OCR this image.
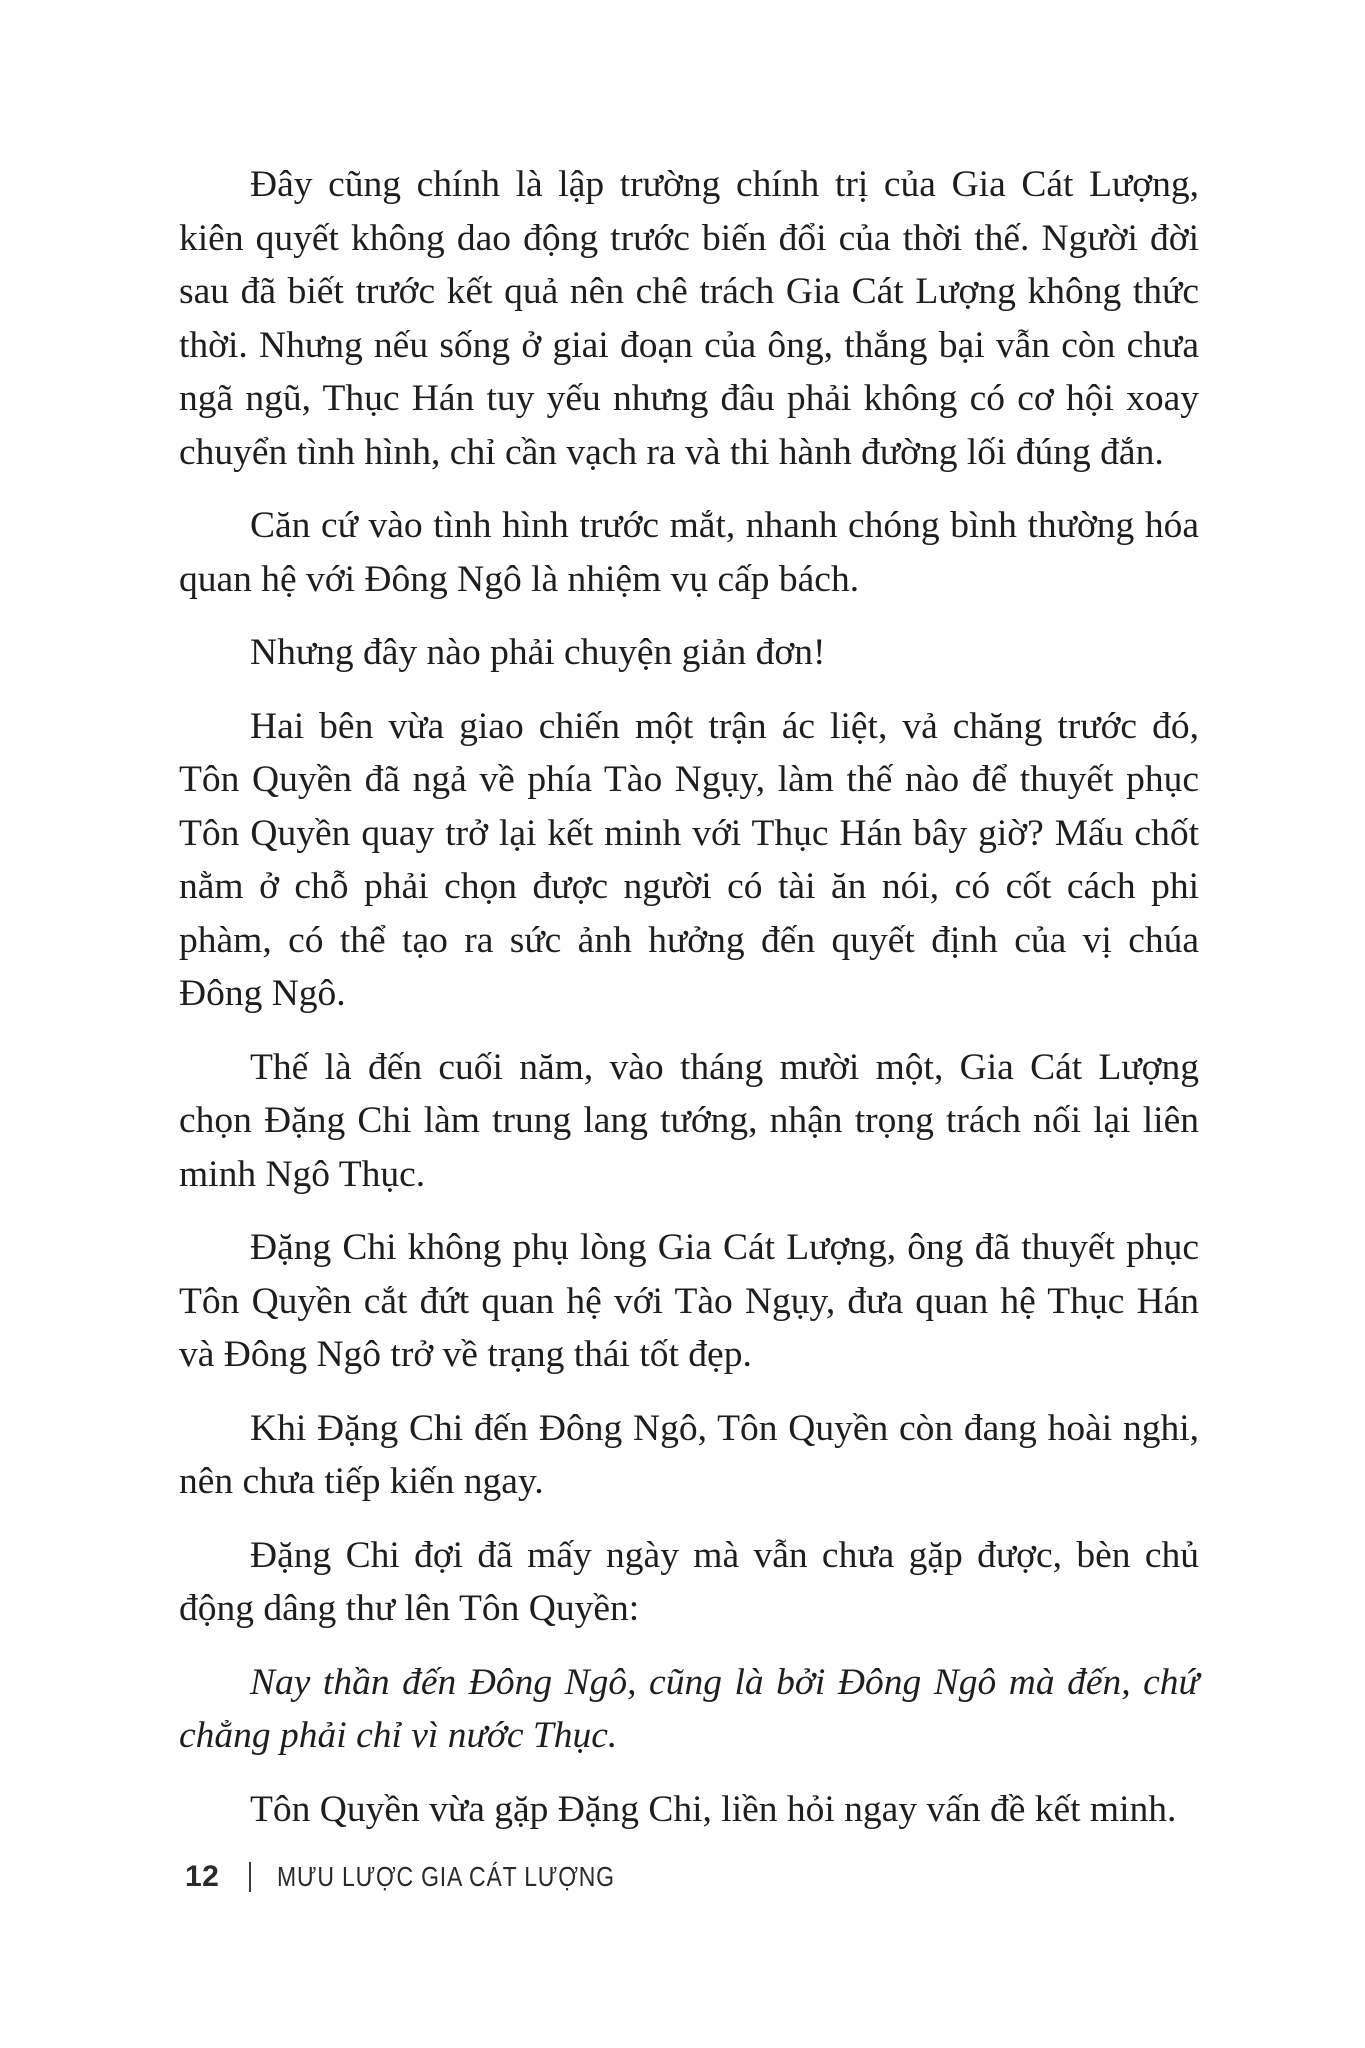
Đây cũng chính là lập trường chính trị của Gia Cát Lượng, kiên quyết không dao động trước biến đổi của thời thế. Người đời sau đã biết trước kết quả nên chê trách Gia Cát Lượng không thức thời. Nhưng nếu sống ở giai đoạn của ông, thắng bại vẫn còn chưa ngã ngũ, Thục Hán tuy yếu nhưng đâu phải không có cơ hội xoay chuyển tình hình, chỉ cần vạch ra và thi hành đường lối đúng đắn.

Căn cứ vào tình hình trước mắt, nhanh chóng bình thường hóa quan hệ với Đông Ngô là nhiệm vụ cấp bách.

Nhưng đây nào phải chuyện giản đơn!

Hai bên vừa giao chiến một trận ác liệt, vả chăng trước đó, Tôn Quyền đã ngả về phía Tào Ngụy, làm thế nào để thuyết phục Tôn Quyền quay trở lại kết minh với Thục Hán bây giờ? Mấu chốt nằm ở chỗ phải chọn được người có tài ăn nói, có cốt cách phi phàm, có thể tạo ra sức ảnh hưởng đến quyết định của vị chúa Đông Ngô.

Thế là đến cuối năm, vào tháng mười một, Gia Cát Lượng chọn Đặng Chi làm trung lang tướng, nhận trọng trách nối lại liên minh Ngô Thục.

Đặng Chi không phụ lòng Gia Cát Lượng, ông đã thuyết phục Tôn Quyền cắt đứt quan hệ với Tào Ngụy, đưa quan hệ Thục Hán và Đông Ngô trở về trạng thái tốt đẹp.

Khi Đặng Chi đến Đông Ngô, Tôn Quyền còn đang hoài nghi, nên chưa tiếp kiến ngay.

Đặng Chi đợi đã mấy ngày mà vẫn chưa gặp được, bèn chủ động dâng thư lên Tôn Quyền:

Nay thần đến Đông Ngô, cũng là bởi Đông Ngô mà đến, chứ chẳng phải chỉ vì nước Thục.

Tôn Quyền vừa gặp Đặng Chi, liền hỏi ngay vấn đề kết minh.

12 MƯU LƯỢC GIA CÁT LƯỢNG
